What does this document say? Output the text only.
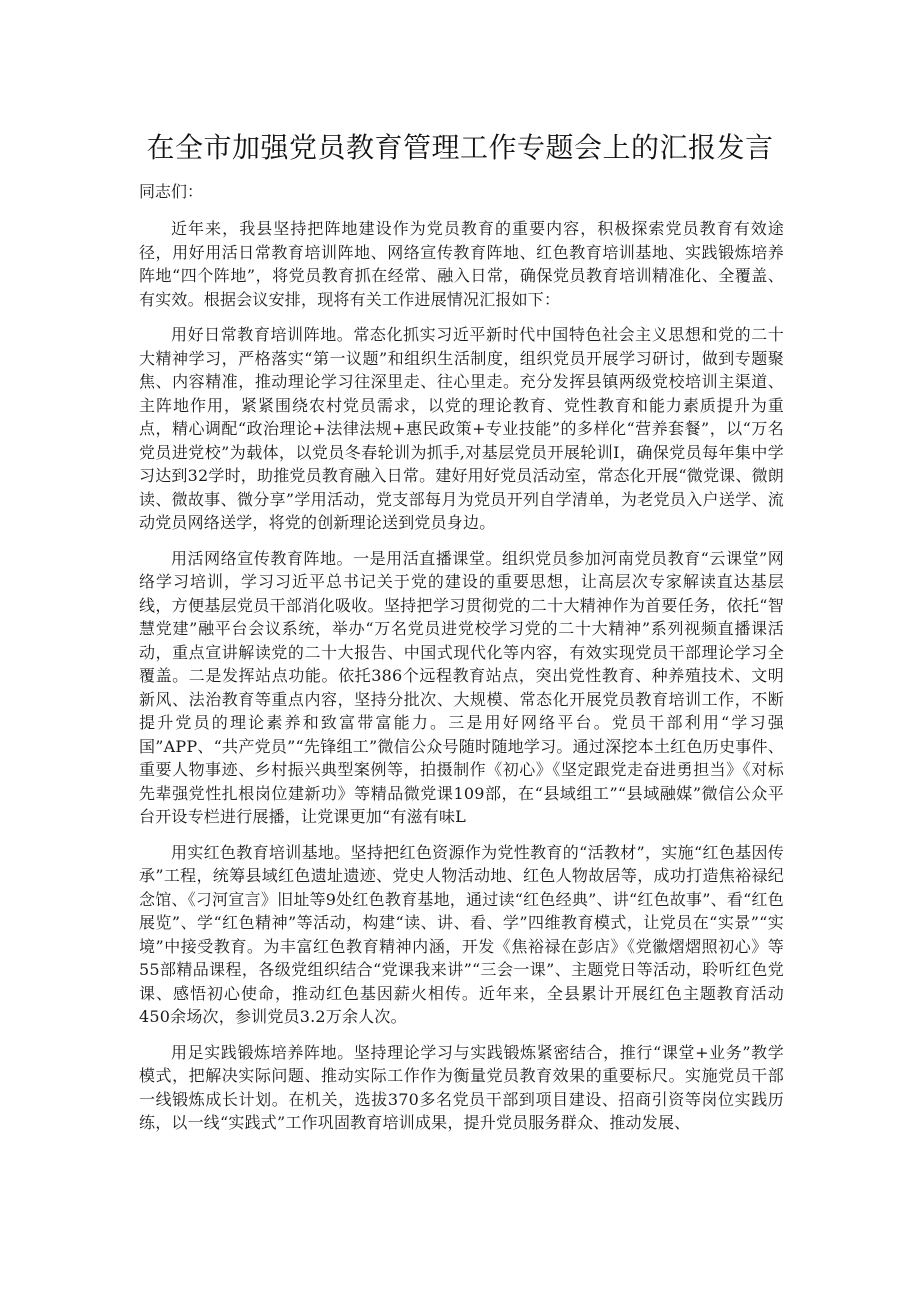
在全市加强党员教育管理工作专题会上的汇报发言

同志们：

近年来，我县坚持把阵地建设作为党员教育的重要内容，积极探索党员教育有效途径，用好用活日常教育培训阵地、网络宣传教育阵地、红色教育培训基地、实践锻炼培养阵地“四个阵地”，将党员教育抓在经常、融入日常，确保党员教育培训精准化、全覆盖、有实效。根据会议安排，现将有关工作进展情况汇报如下：

用好日常教育培训阵地。常态化抓实习近平新时代中国特色社会主义思想和党的二十大精神学习，严格落实“第一议题”和组织生活制度，组织党员开展学习研讨，做到专题聚焦、内容精准，推动理论学习往深里走、往心里走。充分发挥县镇两级党校培训主渠道、主阵地作用，紧紧围绕农村党员需求，以党的理论教育、党性教育和能力素质提升为重点，精心调配“政治理论+法律法规+惠民政策+专业技能”的多样化“营养套餐”，以“万名党员进党校”为载体，以党员冬春轮训为抓手,对基层党员开展轮训I，确保党员每年集中学习达到32学时，助推党员教育融入日常。建好用好党员活动室，常态化开展“微党课、微朗读、微故事、微分享”学用活动，党支部每月为党员开列自学清单，为老党员入户送学、流动党员网络送学，将党的创新理论送到党员身边。

用活网络宣传教育阵地。一是用活直播课堂。组织党员参加河南党员教育“云课堂”网络学习培训，学习习近平总书记关于党的建设的重要思想，让高层次专家解读直达基层线，方便基层党员干部消化吸收。坚持把学习贯彻党的二十大精神作为首要任务，依托“智慧党建”融平台会议系统，举办“万名党员进党校学习党的二十大精神”系列视频直播课活动，重点宣讲解读党的二十大报告、中国式现代化等内容，有效实现党员干部理论学习全覆盖。二是发挥站点功能。依托386个远程教育站点，突出党性教育、种养殖技术、文明新风、法治教育等重点内容，坚持分批次、大规模、常态化开展党员教育培训工作，不断提升党员的理论素养和致富带富能力。三是用好网络平台。党员干部利用“学习强国”APP、“共产党员”“先锋组工”微信公众号随时随地学习。通过深挖本土红色历史事件、重要人物事迹、乡村振兴典型案例等，拍摄制作《初心》《坚定跟党走奋进勇担当》《对标先辈强党性扎根岗位建新功》等精品微党课109部，在“县域组工”“县域融媒”微信公众平台开设专栏进行展播，让党课更加“有滋有味L

用实红色教育培训基地。坚持把红色资源作为党性教育的“活教材”，实施“红色基因传承”工程，统筹县域红色遗址遗迹、党史人物活动地、红色人物故居等，成功打造焦裕禄纪念馆、《刁河宣言》旧址等9处红色教育基地，通过读“红色经典”、讲“红色故事”、看“红色展览”、学“红色精神”等活动，构建“读、讲、看、学”四维教育模式，让党员在“实景”“实境”中接受教育。为丰富红色教育精神内涵，开发《焦裕禄在彭店》《党徽熠熠照初心》等55部精品课程，各级党组织结合“党课我来讲”“三会一课”、主题党日等活动，聆听红色党课、感悟初心使命，推动红色基因薪火相传。近年来，全县累计开展红色主题教育活动450余场次，参训党员3.2万余人次。

用足实践锻炼培养阵地。坚持理论学习与实践锻炼紧密结合，推行“课堂+业务”教学模式，把解决实际问题、推动实际工作作为衡量党员教育效果的重要标尺。实施党员干部一线锻炼成长计划。在机关，选拔370多名党员干部到项目建设、招商引资等岗位实践历练，以一线“实践式”工作巩固教育培训成果，提升党员服务群众、推动发展、
